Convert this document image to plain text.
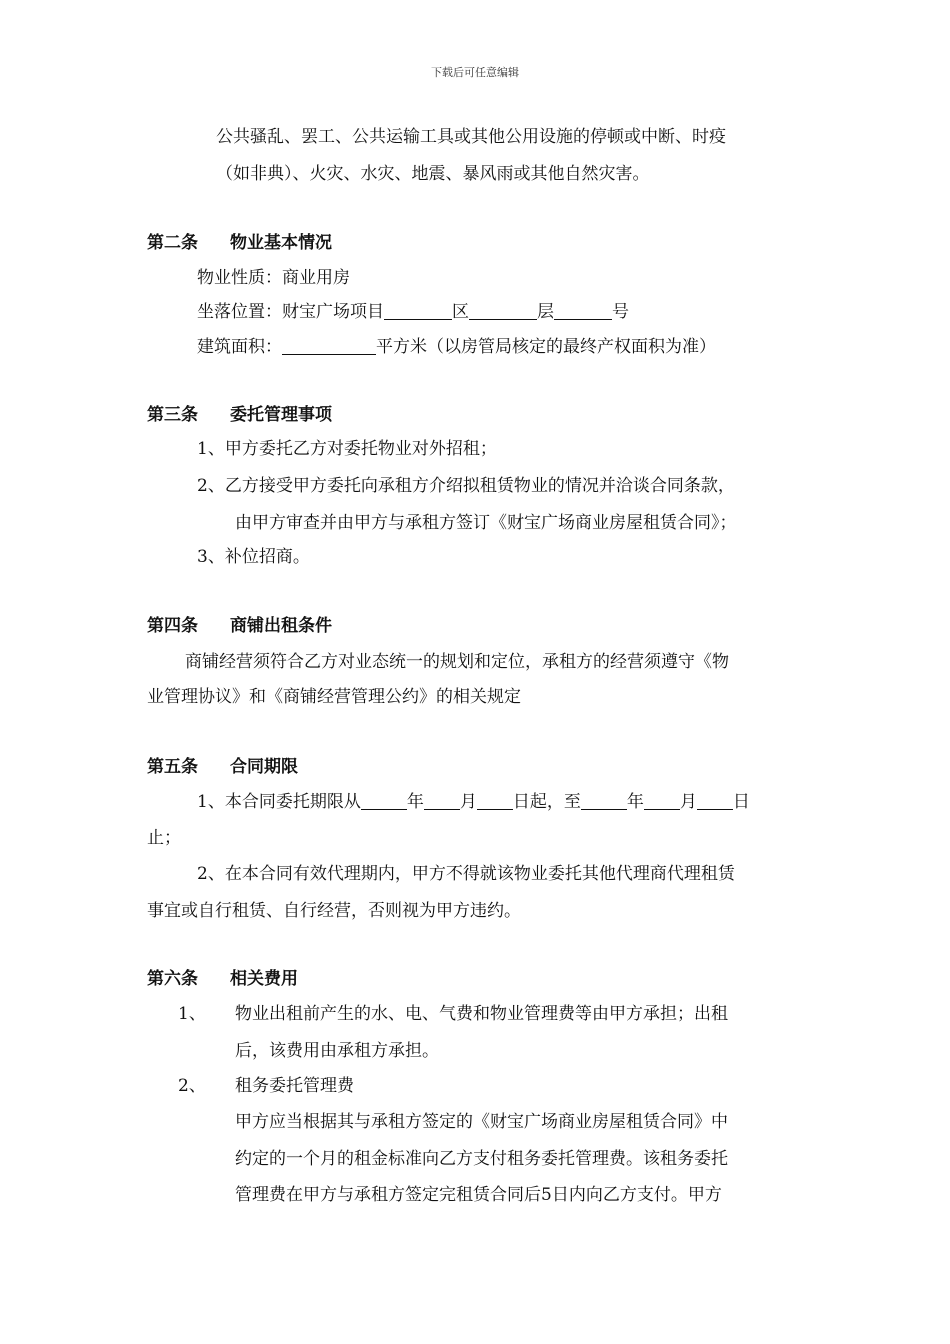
下载后可任意编辑
公共骚乱、罢工、公共运输工具或其他公用设施的停顿或中断、时疫
（如非典）、火灾、水灾、地震、暴风雨或其他自然灾害。
第二条 物业基本情况
物业性质：商业用房
坐落位置：财宝广场项目	区	层	号
建筑面积：	平方米（以房管局核定的最终产权面积为准）
第三条 委托管理事项
1、甲方委托乙方对委托物业对外招租；
2、乙方接受甲方委托向承租方介绍拟租赁物业的情况并洽谈合同条款，
由甲方审查并由甲方与承租方签订《财宝广场商业房屋租赁合同》；
3、补位招商。
第四条 商铺出租条件
商铺经营须符合乙方对业态统一的规划和定位，承租方的经营须遵守《物
业管理协议》和《商铺经营管理公约》的相关规定
第五条 合同期限
1、本合同委托期限从	年 月 日起，至	年 月 日
止；
2、在本合同有效代理期内，甲方不得就该物业委托其他代理商代理租赁
事宜或自行租赁、自行经营，否则视为甲方违约。
第六条 相关费用
1、 物业出租前产生的水、电、气费和物业管理费等由甲方承担；出租
后，该费用由承租方承担。
2、 租务委托管理费
甲方应当根据其与承租方签定的《财宝广场商业房屋租赁合同》中
约定的一个月的租金标准向乙方支付租务委托管理费。该租务委托
管理费在甲方与承租方签定完租赁合同后5日内向乙方支付。甲方
